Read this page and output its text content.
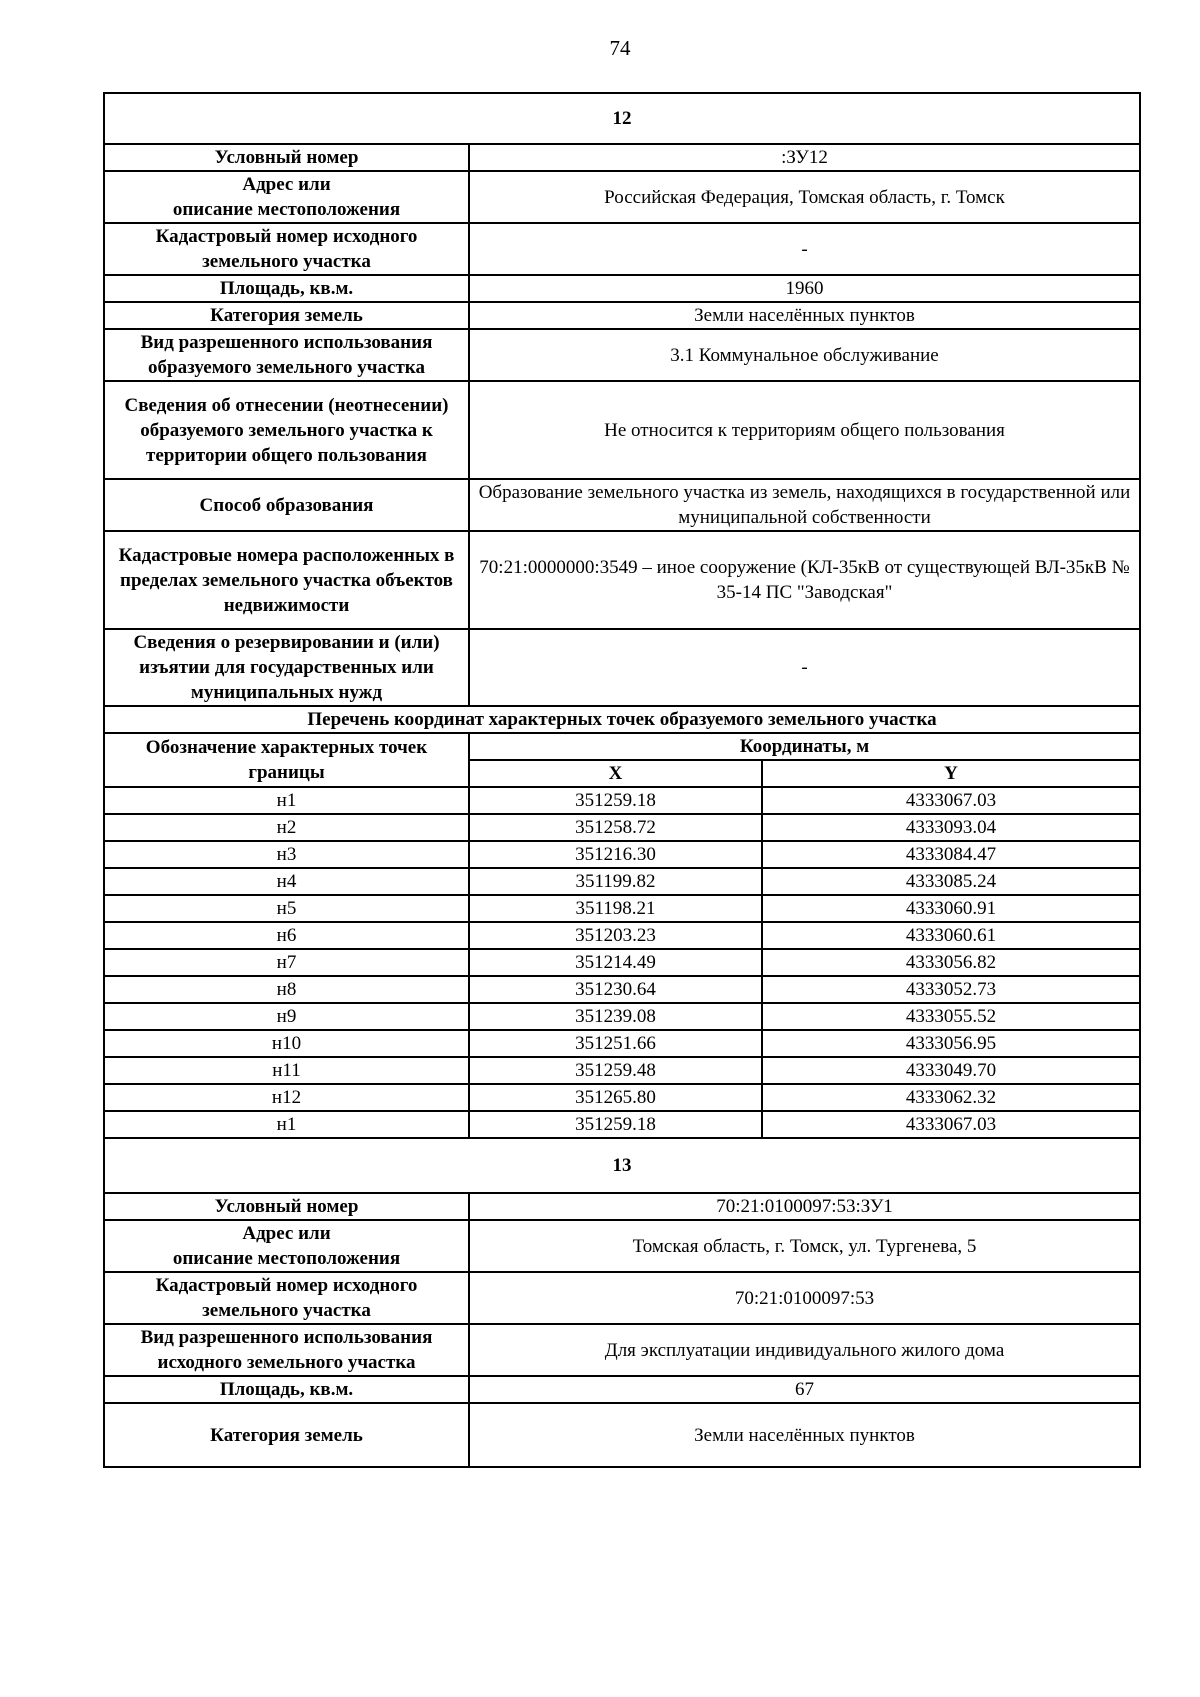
74
12		
Условный номер	:ЗУ12	
Адрес или
описание местоположения	Российская Федерация, Томская область, г. Томск	
Кадастровый номер исходного земельного участка	-	
Площадь, кв.м.	1960	
Категория земель	Земли населённых пунктов	
Вид разрешенного использования образуемого земельного участка	3.1 Коммунальное обслуживание	
Сведения об отнесении (неотнесении) образуемого земельного участка к территории общего пользования	Не относится к территориям общего пользования	
Способ образования	Образование земельного участка из земель, находящихся в государственной или муниципальной собственности	
Кадастровые номера расположенных в пределах земельного участка объектов недвижимости	70:21:0000000:3549 – иное сооружение (КЛ-35кВ от существующей ВЛ-35кВ № 35-14 ПС "Заводская"	
Сведения о резервировании и (или) изъятии для государственных или муниципальных нужд	-	
Перечень координат характерных точек образуемого земельного участка		
Обозначение характерных точек границы	Координаты, м	
	X	Y
н1	351259.18	4333067.03
н2	351258.72	4333093.04
н3	351216.30	4333084.47
н4	351199.82	4333085.24
н5	351198.21	4333060.91
н6	351203.23	4333060.61
н7	351214.49	4333056.82
н8	351230.64	4333052.73
н9	351239.08	4333055.52
н10	351251.66	4333056.95
н11	351259.48	4333049.70
н12	351265.80	4333062.32
н1	351259.18	4333067.03
13		
Условный номер	70:21:0100097:53:ЗУ1	
Адрес или
описание местоположения	Томская область, г. Томск, ул. Тургенева, 5	
Кадастровый номер исходного земельного участка	70:21:0100097:53	
Вид разрешенного использования исходного земельного участка	Для эксплуатации индивидуального жилого дома	
Площадь, кв.м.	67	
Категория земель	Земли населённых пунктов	
